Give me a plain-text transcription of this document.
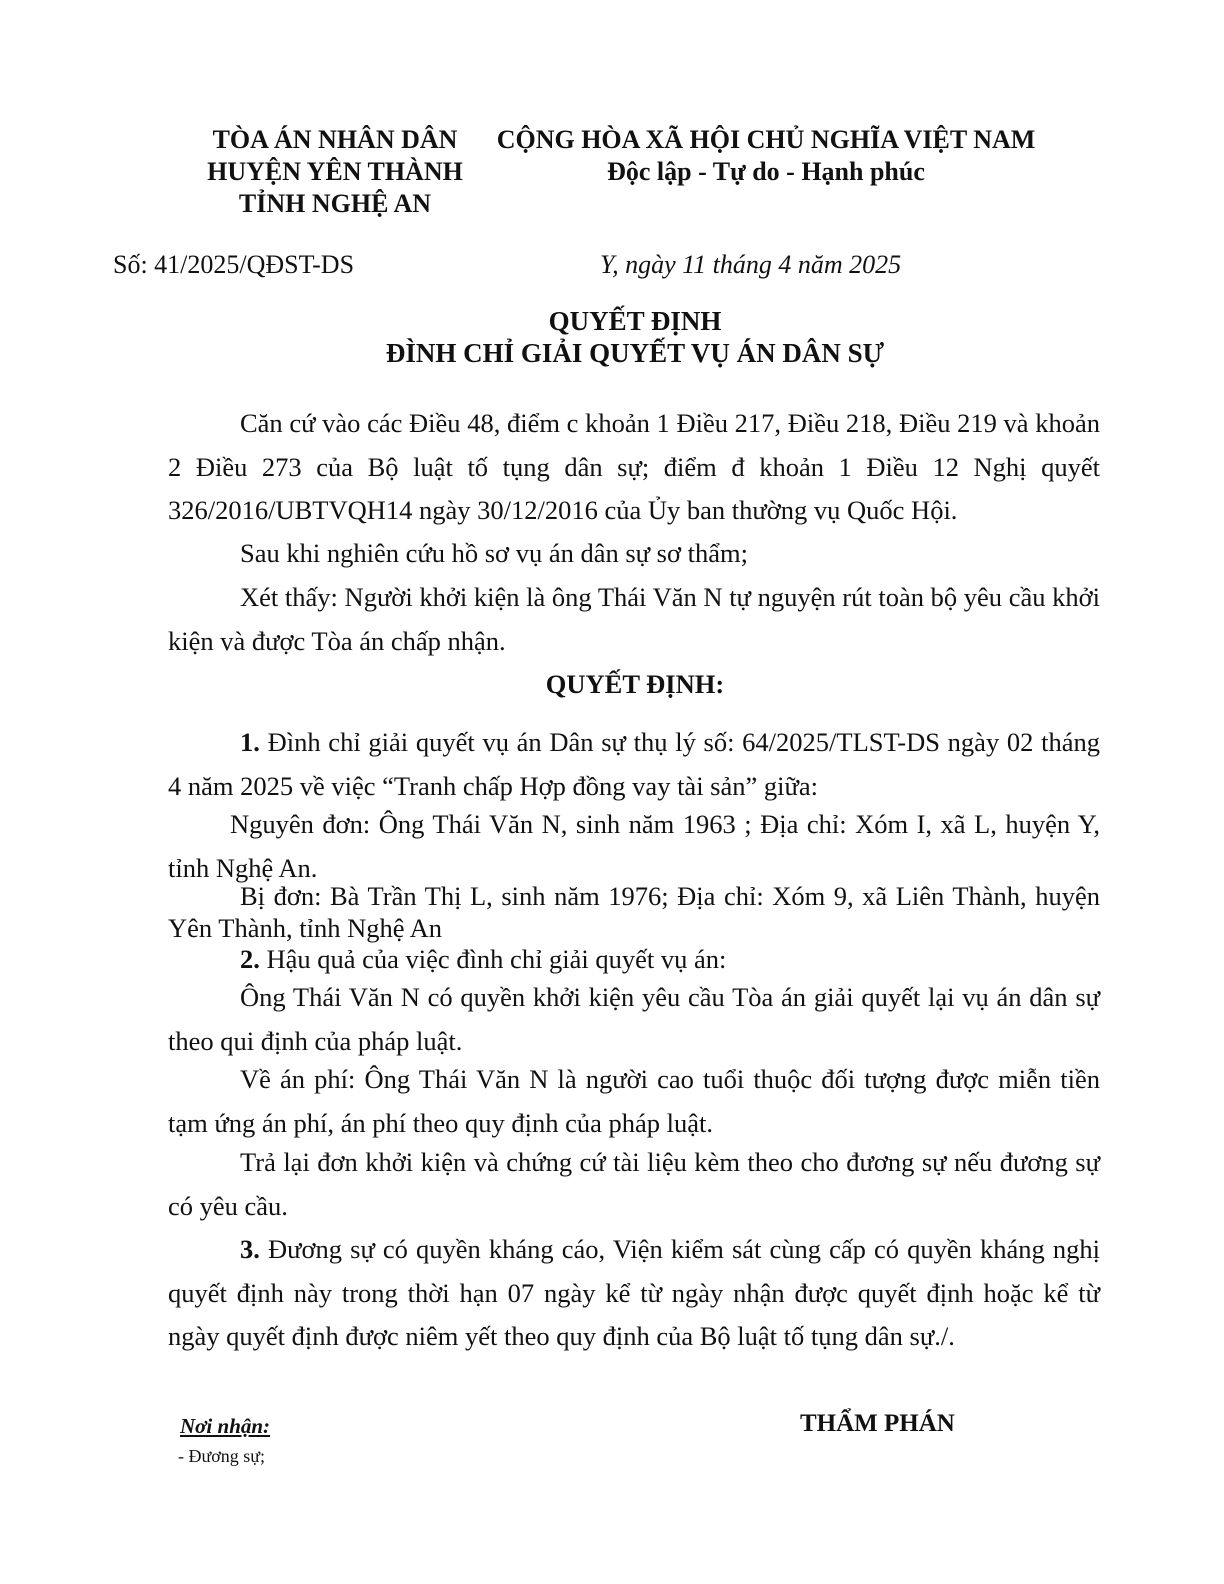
TÒA ÁN NHÂN DÂN
HUYỆN YÊN THÀNH
TỈNH NGHỆ AN
CỘNG HÒA XÃ HỘI CHỦ NGHĨA VIỆT NAM
Độc lập - Tự do - Hạnh phúc
Số: 41/2025/QĐST-DS	Y, ngày 11 tháng 4 năm 2025
QUYẾT ĐỊNH
ĐÌNH CHỈ GIẢI QUYẾT VỤ ÁN DÂN SỰ
Căn cứ vào các Điều 48, điểm c khoản 1 Điều 217, Điều 218, Điều 219 và khoản 2 Điều 273 của Bộ luật tố tụng dân sự; điểm đ khoản 1 Điều 12 Nghị quyết 326/2016/UBTVQH14 ngày 30/12/2016 của Ủy ban thường vụ Quốc Hội.
Sau khi nghiên cứu hồ sơ vụ án dân sự sơ thẩm;
Xét thấy: Người khởi kiện là ông Thái Văn N tự nguyện rút toàn bộ yêu cầu khởi kiện và được Tòa án chấp nhận.
QUYẾT ĐỊNH:
1. Đình chỉ giải quyết vụ án Dân sự thụ lý số: 64/2025/TLST-DS ngày 02 tháng 4 năm 2025 về việc “Tranh chấp Hợp đồng vay tài sản” giữa:
Nguyên đơn: Ông Thái Văn N, sinh năm 1963 ; Địa chỉ: Xóm I, xã L, huyện Y, tỉnh Nghệ An.
Bị đơn: Bà Trần Thị L, sinh năm 1976; Địa chỉ: Xóm 9, xã Liên Thành, huyện Yên Thành, tỉnh Nghệ An
2. Hậu quả của việc đình chỉ giải quyết vụ án:
Ông Thái Văn N có quyền khởi kiện yêu cầu Tòa án giải quyết lại vụ án dân sự theo qui định của pháp luật.
Về án phí: Ông Thái Văn N là người cao tuổi thuộc đối tượng được miễn tiền tạm ứng án phí, án phí theo quy định của pháp luật.
Trả lại đơn khởi kiện và chứng cứ tài liệu kèm theo cho đương sự nếu đương sự có yêu cầu.
3. Đương sự có quyền kháng cáo, Viện kiểm sát cùng cấp có quyền kháng nghị quyết định này trong thời hạn 07 ngày kể từ ngày nhận được quyết định hoặc kể từ ngày quyết định được niêm yết theo quy định của Bộ luật tố tụng dân sự./.
Nơi nhận:
- Đương sự;
THẨM PHÁN
